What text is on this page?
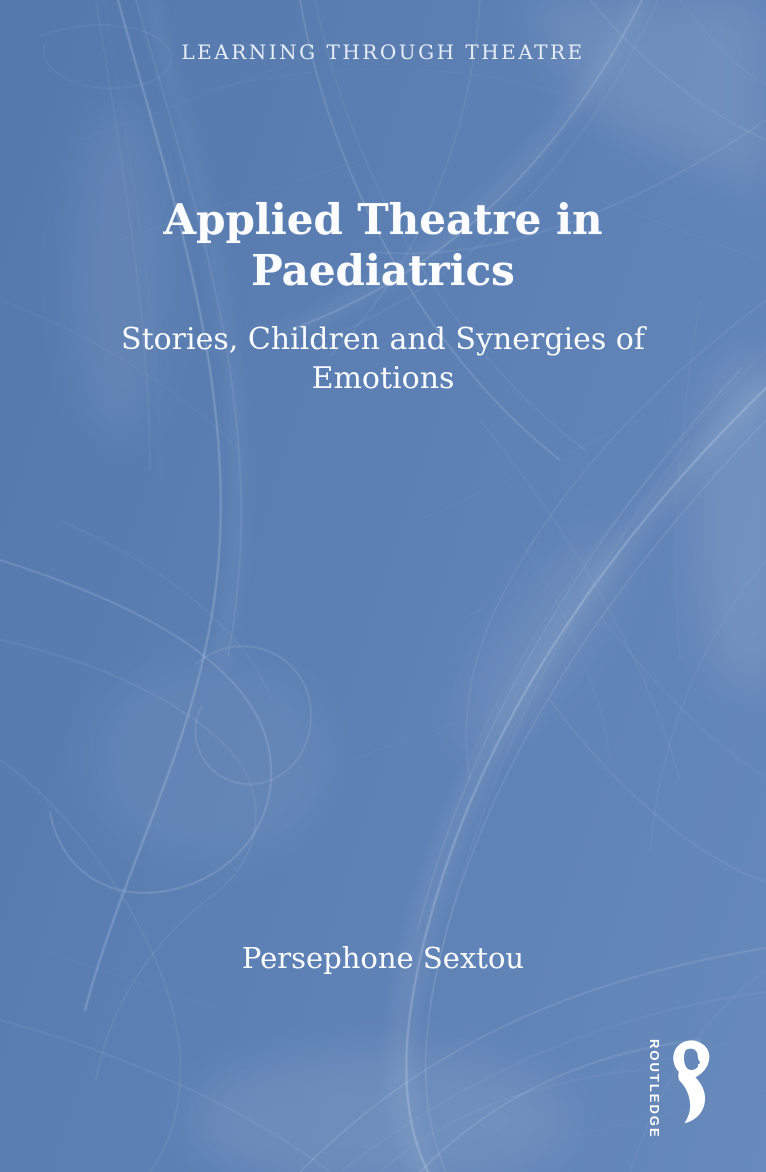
LEARNING THROUGH THEATRE
Applied Theatre in
Paediatrics
Stories, Children and Synergies of
Emotions
Persephone Sextou
ROUTLEDGE
